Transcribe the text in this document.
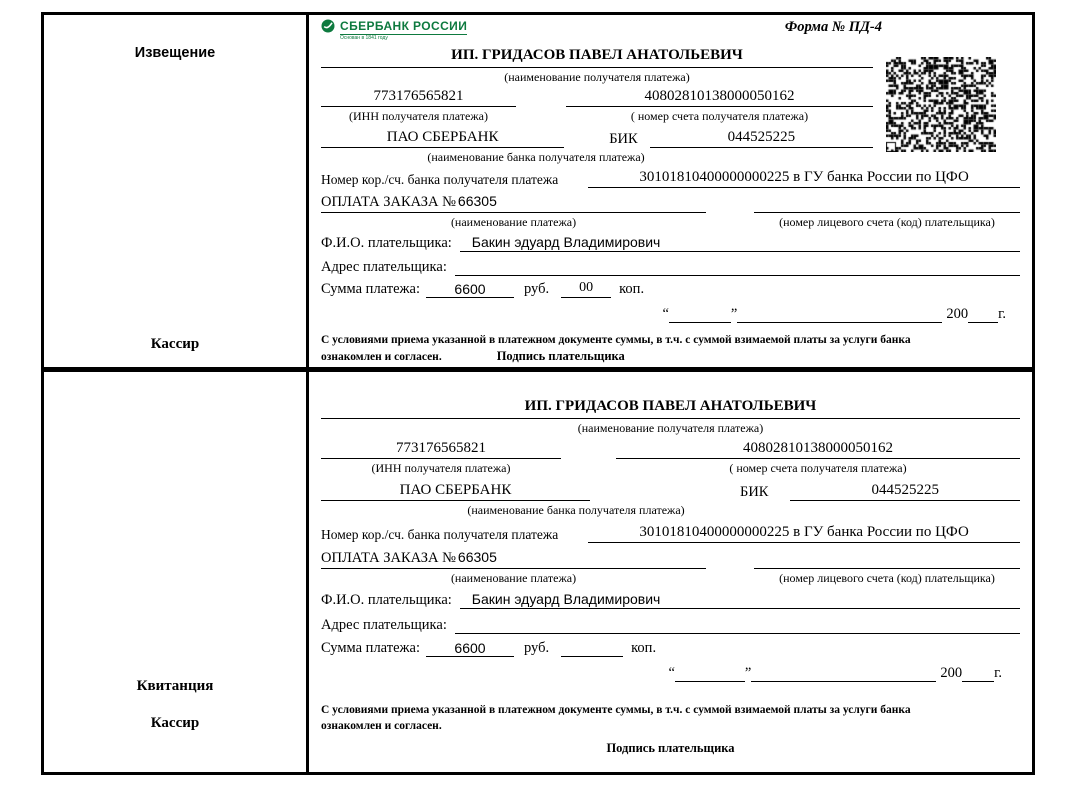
Извещение
Кассир
СБЕРБАНК РОССИИ
Основан в 1841 году
Форма № ПД-4
ИП. ГРИДАСОВ ПАВЕЛ АНАТОЛЬЕВИЧ
(наименование получателя платежа)
773176565821	40802810138000050162
(ИНН получателя платежа)	( номер счета получателя платежа)
ПАО СБЕРБАНК	БИК	044525225
(наименование банка получателя платежа)
Номер кор./сч. банка получателя платежа	30101810400000000225 в ГУ банка России по ЦФО
ОПЛАТА ЗАКАЗА № 66305
(наименование платежа)	(номер лицевого счета (код) плательщика)
Ф.И.О. плательщика:	Бакин эдуард Владимирович
Адрес плательщика:
Сумма платежа:	6600	руб.	00	коп.
“	”	200 г.
С условиями приема указанной в платежном документе суммы, в т.ч. с суммой взимаемой платы за услуги банка
ознакомлен и согласен.	Подпись плательщика
Квитанция
Кассир
ИП. ГРИДАСОВ ПАВЕЛ АНАТОЛЬЕВИЧ
(наименование получателя платежа)
773176565821	40802810138000050162
(ИНН получателя платежа)	( номер счета получателя платежа)
ПАО СБЕРБАНК	БИК	044525225
(наименование банка получателя платежа)
Номер кор./сч. банка получателя платежа	30101810400000000225 в ГУ банка России по ЦФО
ОПЛАТА ЗАКАЗА № 66305
(наименование платежа)	(номер лицевого счета (код) плательщика)
Ф.И.О. плательщика:	Бакин эдуард Владимирович
Адрес плательщика:
Сумма платежа:	6600	руб.	коп.
“	”	200 г.
С условиями приема указанной в платежном документе суммы, в т.ч. с суммой взимаемой платы за услуги банка
ознакомлен и согласен.
Подпись плательщика
